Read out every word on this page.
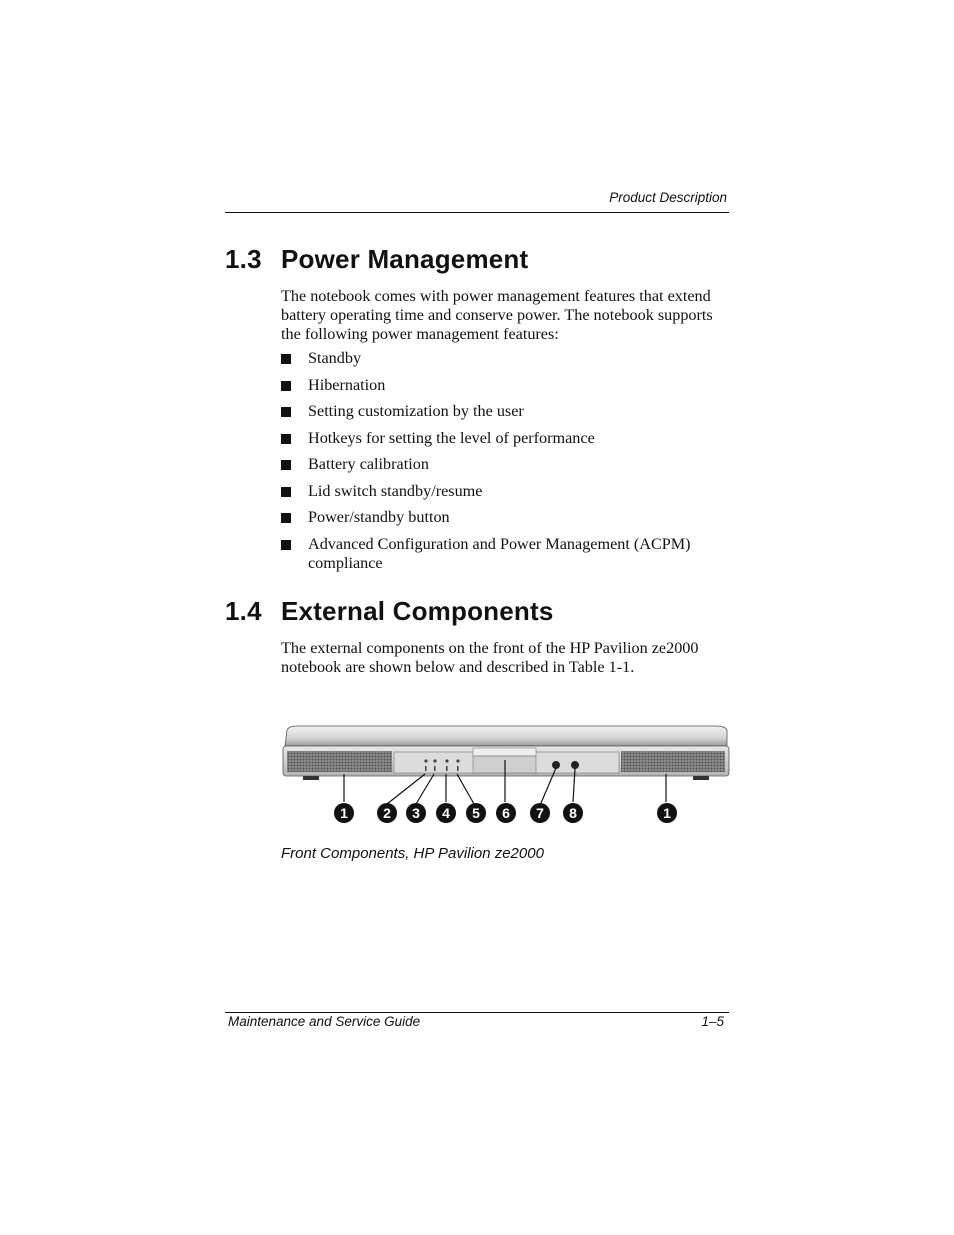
Product Description
1.3 Power Management

The notebook comes with power management features that extend battery operating time and conserve power. The notebook supports the following power management features:

Standby
Hibernation
Setting customization by the user
Hotkeys for setting the level of performance
Battery calibration
Lid switch standby/resume
Power/standby button
Advanced Configuration and Power Management (ACPM) compliance
1.4 External Components

The external components on the front of the HP Pavilion ze2000 notebook are shown below and described in Table 1-1.

1	2 3 4 5 6 7 8	1
Front Components, HP Pavilion ze2000
Maintenance and Service Guide	1–5
